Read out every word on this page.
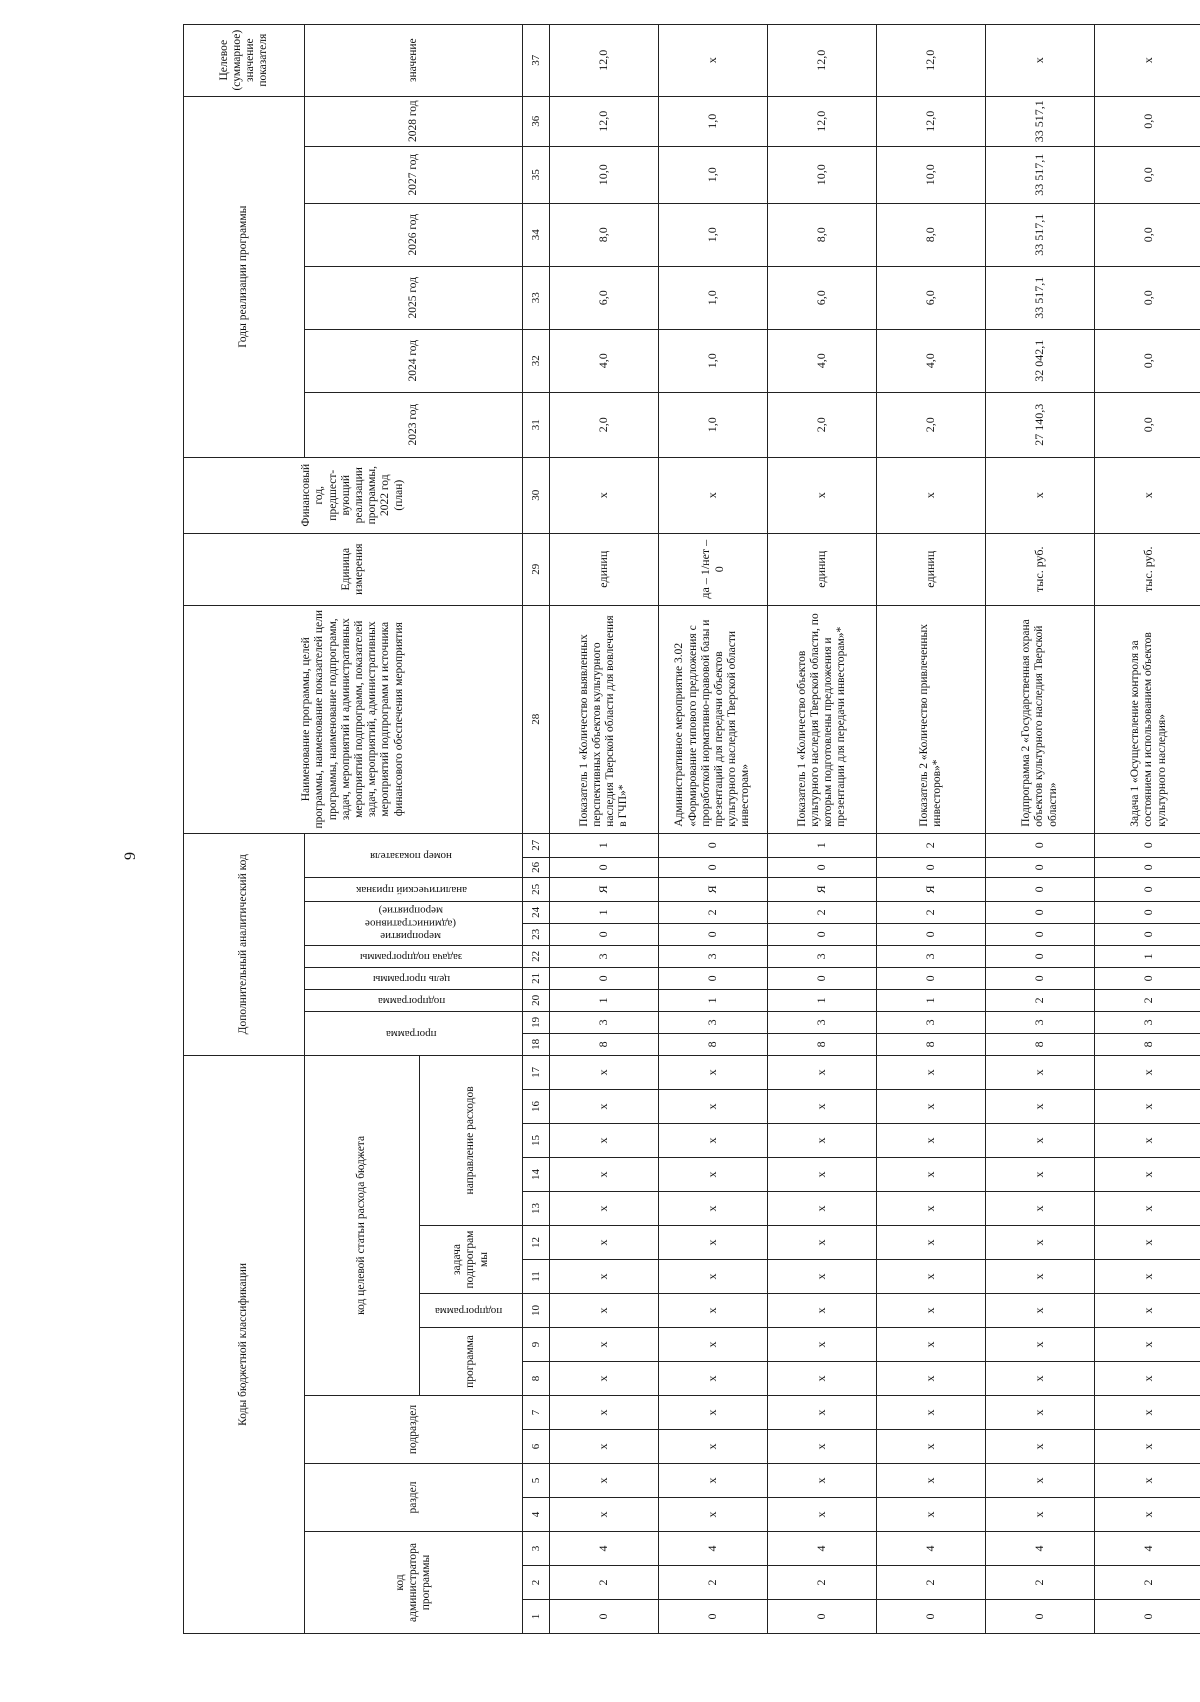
9
Коды бюджетной классификации																	Дополнительный аналитический код										Наименование программы, целей программы, наименование показателей цели программы, наименование подпрограмм, задач, мероприятий и административных мероприятий подпрограмм, показателей задач, мероприятий, административных мероприятий подпрограмм и источника финансового обеспечения мероприятия	Единица измерения	Финансовый год, предшест-вующий реализации программы, 2022 год (план)	Годы реализации программы						Целевое (суммарное) значение показателя
код администратора программы			раздел		подраздел		код целевой статьи расхода бюджета										программа		подпрограмма	цель программы	задача подпрограммы	мероприятие (административное мероприятие)		аналитический признак	номер показателя					2023 год	2024 год	2025 год	2026 год	2027 год	2028 год	значение
							программа		подпрограмма	задача подпрограммы		направление расходов																								
1	2	3	4	5	6	7	8	9	10	11	12	13	14	15	16	17	18	19	20	21	22	23	24	25	26	27	28	29	30	31	32	33	34	35	36	37
0	2	4	х	х	х	х	х	х	х	х	х	х	х	х	х	х	8	3	1	0	3	0	1	Я	0	1	Показатель 1 «Количество выявленных перспективных объектов культурного наследия Тверской области для вовлечения в ГЧП»*	единиц	х	2,0	4,0	6,0	8,0	10,0	12,0	12,0
0	2	4	х	х	х	х	х	х	х	х	х	х	х	х	х	х	8	3	1	0	3	0	2	Я	0	0	Административное мероприятие 3.02 «Формирование типового предложения с проработкой нормативно-правовой базы и презентаций для передачи объектов культурного наследия Тверской области инвесторам»	да – 1/нет – 0	х	1,0	1,0	1,0	1,0	1,0	1,0	х
0	2	4	х	х	х	х	х	х	х	х	х	х	х	х	х	х	8	3	1	0	3	0	2	Я	0	1	Показатель 1 «Количество объектов культурного наследия Тверской области, по которым подготовлены предложения и презентации для передачи инвесторам»*	единиц	х	2,0	4,0	6,0	8,0	10,0	12,0	12,0
0	2	4	х	х	х	х	х	х	х	х	х	х	х	х	х	х	8	3	1	0	3	0	2	Я	0	2	Показатель 2 «Количество привлеченных инвесторов»*	единиц	х	2,0	4,0	6,0	8,0	10,0	12,0	12,0
0	2	4	х	х	х	х	х	х	х	х	х	х	х	х	х	х	8	3	2	0	0	0	0	0	0	0	Подпрограмма 2 «Государственная охрана объектов культурного наследия Тверской области»	тыс. руб.	х	27 140,3	32 042,1	33 517,1	33 517,1	33 517,1	33 517,1	х
0	2	4	х	х	х	х	х	х	х	х	х	х	х	х	х	х	8	3	2	0	1	0	0	0	0	0	Задача 1 «Осуществление контроля за состоянием и использованием объектов культурного наследия»	тыс. руб.	х	0,0	0,0	0,0	0,0	0,0	0,0	х
